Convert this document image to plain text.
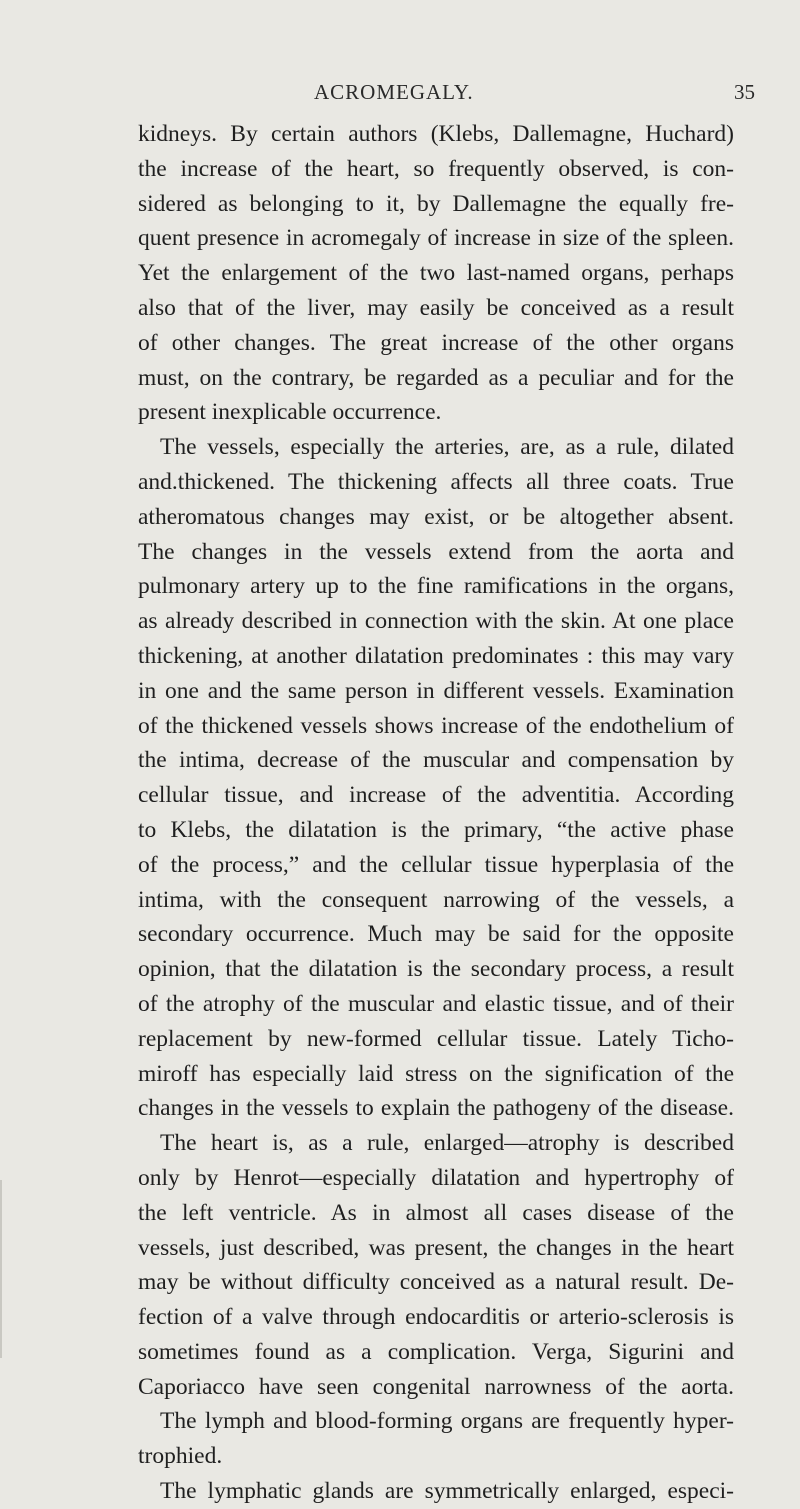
ACROMEGALY.	35
kidneys. By certain authors (Klebs, Dallemagne, Huchard)
the increase of the heart, so frequently observed, is con-
sidered as belonging to it, by Dallemagne the equally fre-
quent presence in acromegaly of increase in size of the spleen.
Yet the enlargement of the two last-named organs, perhaps
also that of the liver, may easily be conceived as a result
of other changes. The great increase of the other organs
must, on the contrary, be regarded as a peculiar and for the
present inexplicable occurrence.
The vessels, especially the arteries, are, as a rule, dilated
and.thickened. The thickening affects all three coats. True
atheromatous changes may exist, or be altogether absent.
The changes in the vessels extend from the aorta and
pulmonary artery up to the fine ramifications in the organs,
as already described in connection with the skin. At one place
thickening, at another dilatation predominates : this may vary
in one and the same person in different vessels. Examination
of the thickened vessels shows increase of the endothelium of
the intima, decrease of the muscular and compensation by
cellular tissue, and increase of the adventitia. According
to Klebs, the dilatation is the primary, “the active phase
of the process,” and the cellular tissue hyperplasia of the
intima, with the consequent narrowing of the vessels, a
secondary occurrence. Much may be said for the opposite
opinion, that the dilatation is the secondary process, a result
of the atrophy of the muscular and elastic tissue, and of their
replacement by new-formed cellular tissue. Lately Ticho-
miroff has especially laid stress on the signification of the
changes in the vessels to explain the pathogeny of the disease.
The heart is, as a rule, enlarged—atrophy is described
only by Henrot—especially dilatation and hypertrophy of
the left ventricle. As in almost all cases disease of the
vessels, just described, was present, the changes in the heart
may be without difficulty conceived as a natural result. De-
fection of a valve through endocarditis or arterio-sclerosis is
sometimes found as a complication. Verga, Sigurini and
Caporiacco have seen congenital narrowness of the aorta.
The lymph and blood-forming organs are frequently hyper-
trophied.
The lymphatic glands are symmetrically enlarged, especi-
